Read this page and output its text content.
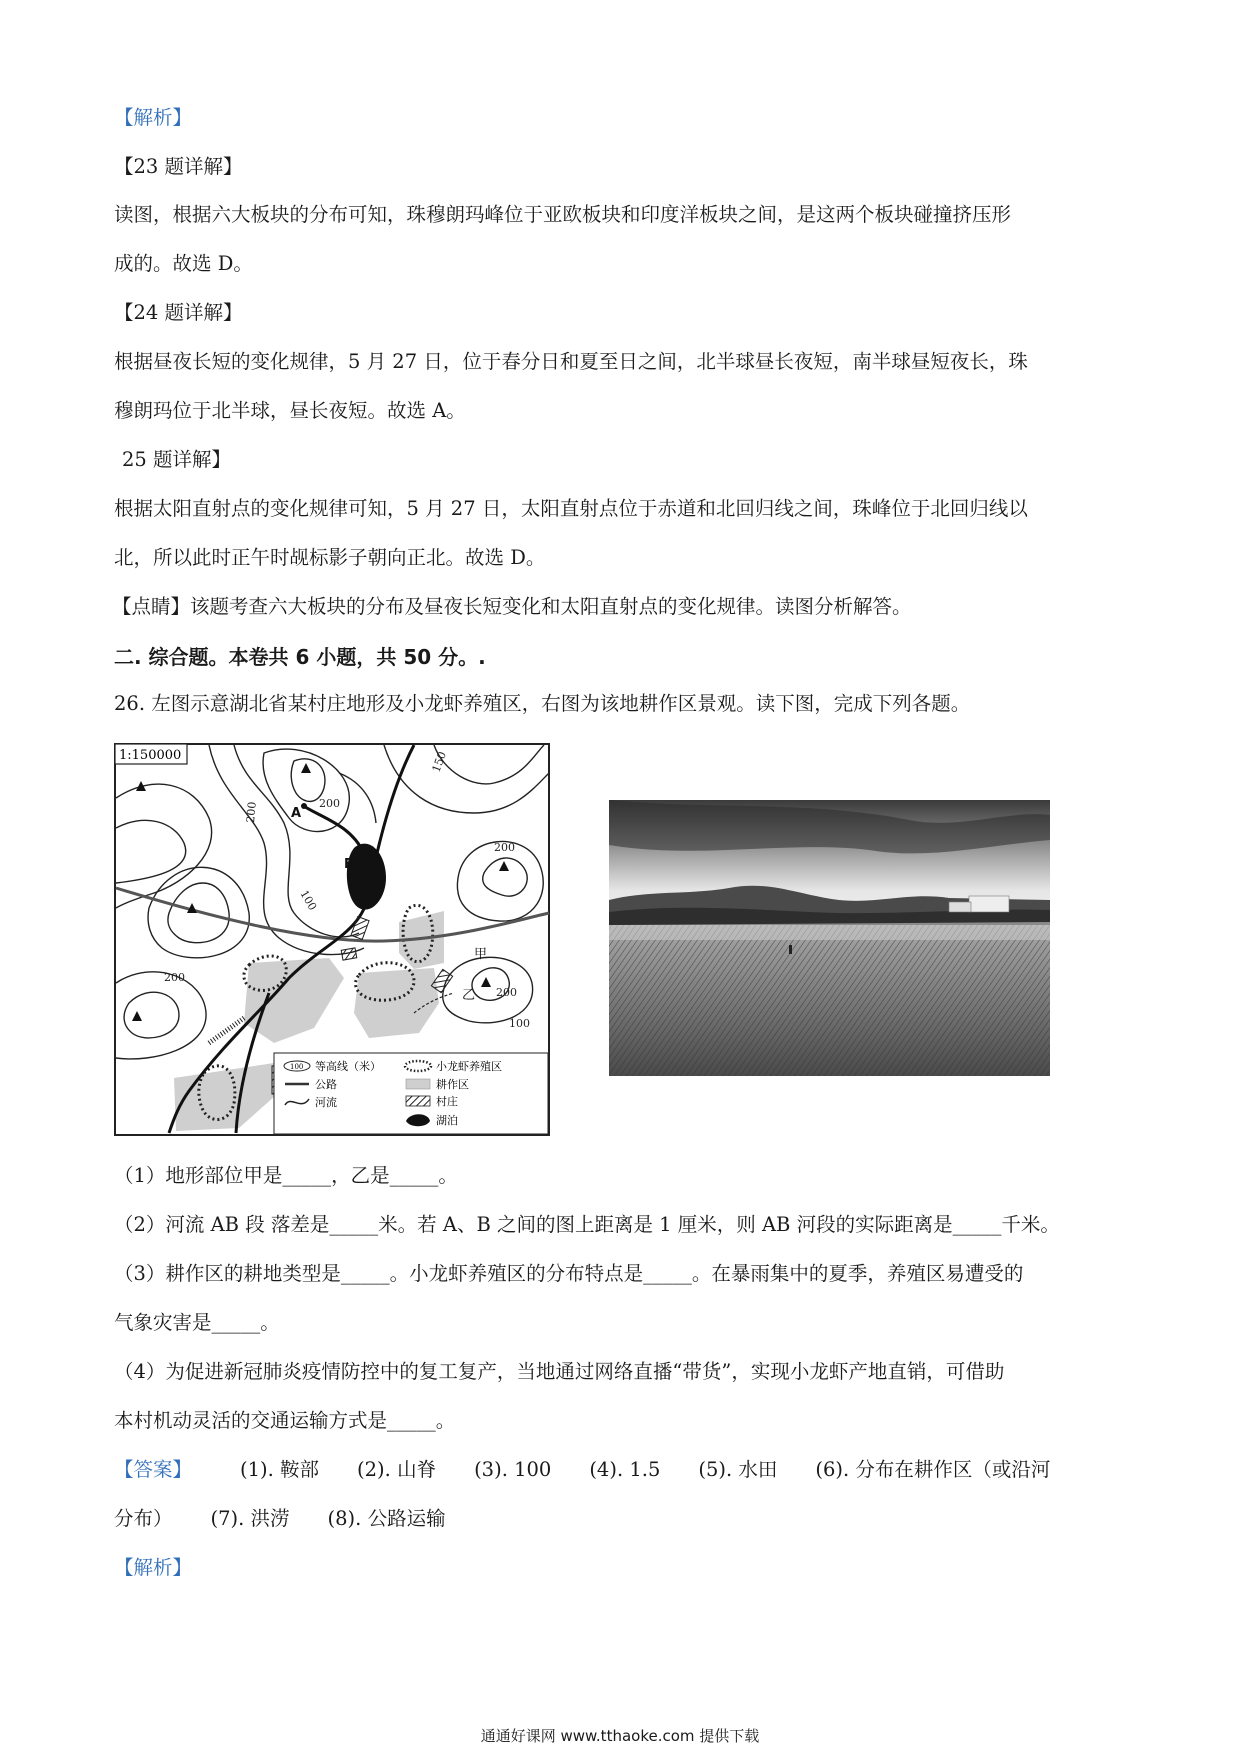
【解析】
【23 题详解】
读图，根据六大板块的分布可知，珠穆朗玛峰位于亚欧板块和印度洋板块之间，是这两个板块碰撞挤压形
成的。故选 D。
【24 题详解】
根据昼夜长短的变化规律，5 月 27 日，位于春分日和夏至日之间，北半球昼长夜短，南半球昼短夜长，珠
穆朗玛位于北半球，昼长夜短。故选 A。
25 题详解】
根据太阳直射点的变化规律可知，5 月 27 日，太阳直射点位于赤道和北回归线之间，珠峰位于北回归线以
北，所以此时正午时觇标影子朝向正北。故选 D。
【点睛】该题考查六大板块的分布及昼夜长短变化和太阳直射点的变化规律。读图分析解答。
二. 综合题。本卷共 6 小题，共 50 分。.
26. 左图示意湖北省某村庄地形及小龙虾养殖区，右图为该地耕作区景观。读下图，完成下列各题。
1:150000	150
200
200
200
100
200
200
100
A
B
甲
乙
100 等高线（米）
公路
河流
小龙虾养殖区
耕作区
村庄
湖泊
（1）地形部位甲是_____，乙是_____。
（2）河流 AB 段 落差是_____米。若 A、B 之间的图上距离是 1 厘米，则 AB 河段的实际距离是_____千米。
（3）耕作区的耕地类型是_____。小龙虾养殖区的分布特点是_____。在暴雨集中的夏季，养殖区易遭受的
气象灾害是_____。
（4）为促进新冠肺炎疫情防控中的复工复产，当地通过网络直播“带货”，实现小龙虾产地直销，可借助
本村机动灵活的交通运输方式是_____。
【答案】 (1). 鞍部 (2). 山脊 (3). 100 (4). 1.5 (5). 水田 (6). 分布在耕作区（或沿河
分布） (7). 洪涝 (8). 公路运输
【解析】
通通好课网 www.tthaoke.com 提供下载
